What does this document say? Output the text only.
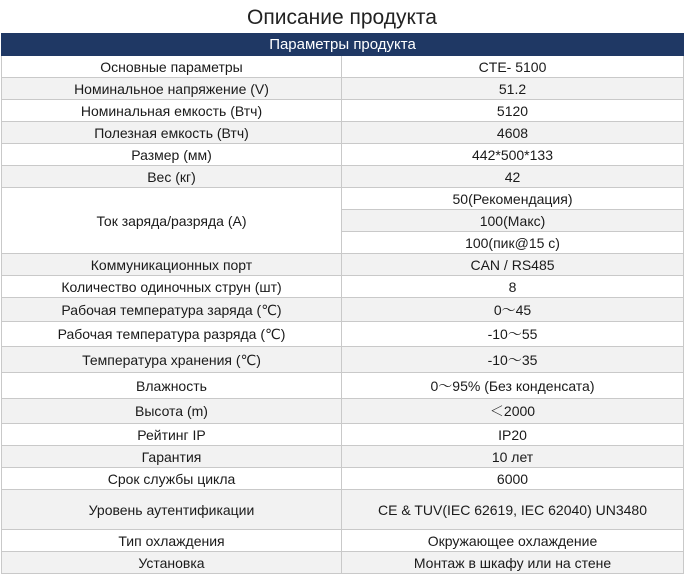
Описание продукта
Параметры продукта	
Основные параметры	CTE- 5100
Номинальное напряжение (V)	51.2
Номинальная емкость (Втч)	5120
Полезная емкость (Втч)	4608
Размер (мм)	442*500*133
Вес (кг)	42
Ток заряда/разряда (A)	50(Рекомендация)
	100(Макс)
	100(пик@15 с)
Коммуникационных порт	CAN / RS485
Количество одиночных струн (шт)	8
Рабочая температура заряда (℃)	0～45
Рабочая температура разряда (℃)	-10～55
Температура хранения (℃)	-10～35
Влажность	0～95% (Без конденсата)
Высота (m)	＜2000
Рейтинг IP	IP20
Гарантия	10 лет
Срок службы цикла	6000
Уровень аутентификации	CE & TUV(IEC 62619, IEC 62040) UN3480
Тип охлаждения	Окружающее охлаждение
Установка	Монтаж в шкафу или на стене
